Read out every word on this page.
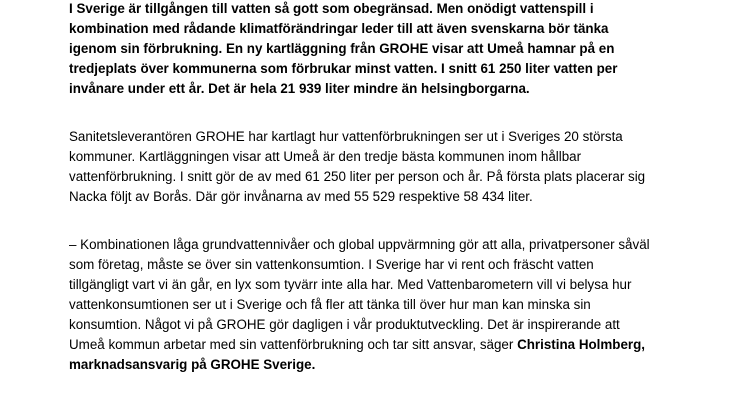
I Sverige är tillgången till vatten så gott som obegränsad. Men onödigt vattenspill i
kombination med rådande klimatförändringar leder till att även svenskarna bör tänka
igenom sin förbrukning. En ny kartläggning från GROHE visar att Umeå hamnar på en
tredjeplats över kommunerna som förbrukar minst vatten. I snitt 61 250 liter vatten per
invånare under ett år. Det är hela 21 939 liter mindre än helsingborgarna.
Sanitetsleverantören GROHE har kartlagt hur vattenförbrukningen ser ut i Sveriges 20 största
kommuner. Kartläggningen visar att Umeå är den tredje bästa kommunen inom hållbar
vattenförbrukning. I snitt gör de av med 61 250 liter per person och år. På första plats placerar sig
Nacka följt av Borås. Där gör invånarna av med 55 529 respektive 58 434 liter.
– Kombinationen låga grundvattennivåer och global uppvärmning gör att alla, privatpersoner såväl
som företag, måste se över sin vattenkonsumtion. I Sverige har vi rent och fräscht vatten
tillgängligt vart vi än går, en lyx som tyvärr inte alla har. Med Vattenbarometern vill vi belysa hur
vattenkonsumtionen ser ut i Sverige och få fler att tänka till över hur man kan minska sin
konsumtion. Något vi på GROHE gör dagligen i vår produktutveckling. Det är inspirerande att
Umeå kommun arbetar med sin vattenförbrukning och tar sitt ansvar, säger Christina Holmberg,
marknadsansvarig på GROHE Sverige.
